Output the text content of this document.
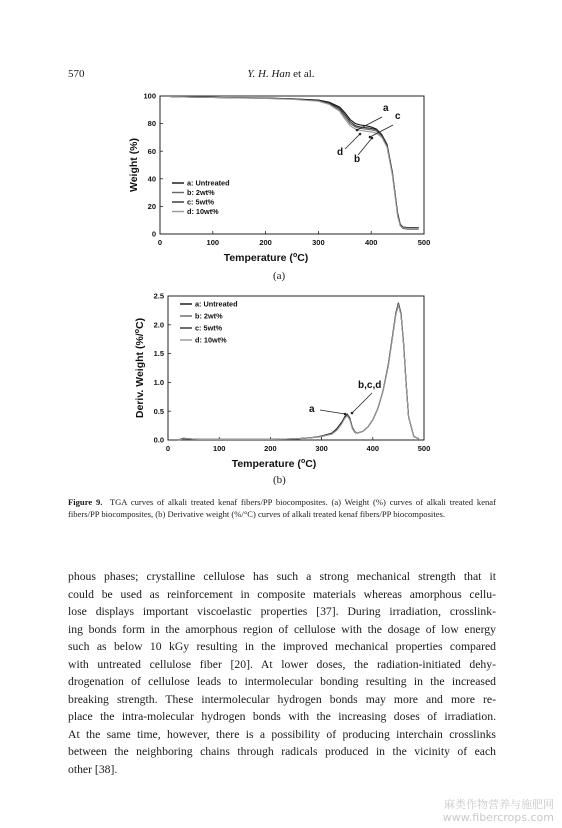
570	Y. H. Han et al.
0	100	200	300	400	500
0
20
40
60
80
100
a: Untreated
b: 2wt%
c: 5wt%
d: 10wt%
a
c
d
b
Temperature ($^o$C)
Weight (%)
0	100	200	300	400	500
0.0
0.5
1.0
1.5
2.0
2.5
a: Untreated
b: 2wt%
c: 5wt%
d: 10wt%
a
b,c,d
Temperature ($^o$C)
Deriv. Weight (%/$^o$C)
(a)
(b)
Figure 9. TGA curves of alkali treated kenaf fibers/PP biocomposites. (a) Weight (%) curves of alkali treated kenaf fibers/PP biocomposites, (b) Derivative weight (%/°C) curves of alkali treated kenaf fibers/PP biocomposites.
phous phases; crystalline cellulose has such a strong mechanical strength that it
could be used as reinforcement in composite materials whereas amorphous cellu-
lose displays important viscoelastic properties [37]. During irradiation, crosslink-
ing bonds form in the amorphous region of cellulose with the dosage of low energy
such as below 10 kGy resulting in the improved mechanical properties compared
with untreated cellulose fiber [20]. At lower doses, the radiation-initiated dehy-
drogenation of cellulose leads to intermolecular bonding resulting in the increased
breaking strength. These intermolecular hydrogen bonds may more and more re-
place the intra-molecular hydrogen bonds with the increasing doses of irradiation.
At the same time, however, there is a possibility of producing interchain crosslinks
between the neighboring chains through radicals produced in the vicinity of each
other [38].
麻类作物营养与施肥网
www.fibercrops.com
